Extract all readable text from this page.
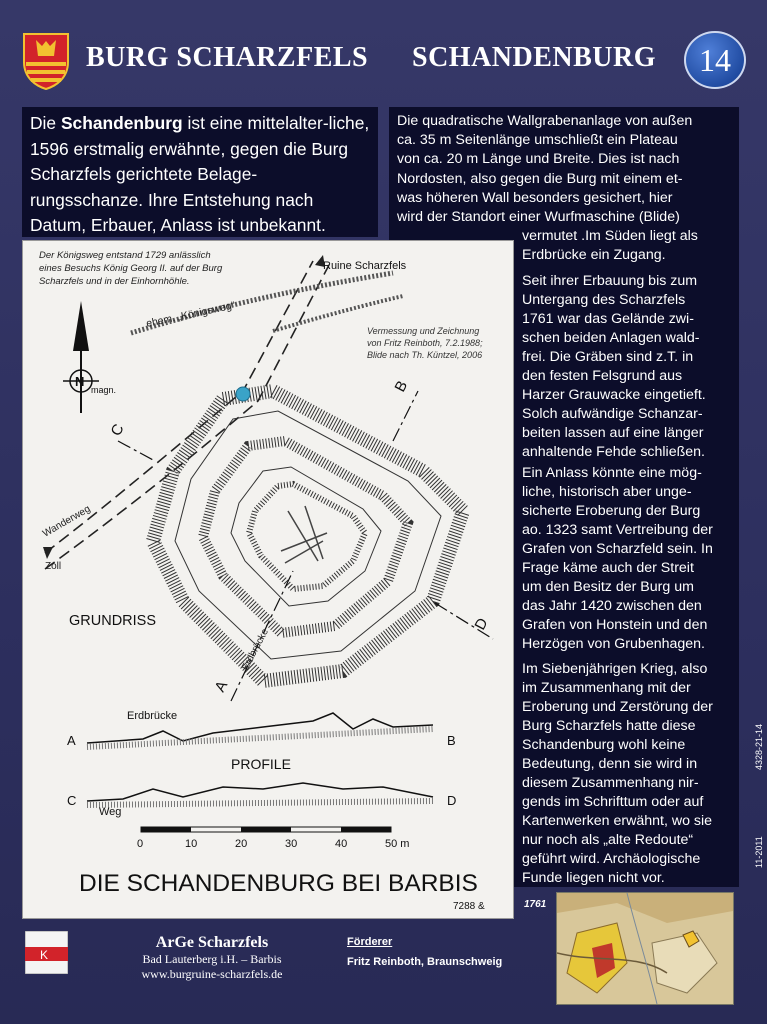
BURG SCHARZFELS SCHANDENBURG	14
Die Schandenburg ist eine mittelalter-liche, 1596 erstmalig erwähnte, gegen die Burg Scharzfels gerichtete Belage-rungsschanze. Ihre Entstehung nach Datum, Erbauer, Anlass ist unbekannt.
Die quadratische Wallgrabenanlage von außen
ca. 35 m Seitenlänge umschließt ein Plateau
von ca. 20 m Länge und Breite. Dies ist nach
Nordosten, also gegen die Burg mit einem et-
was höheren Wall besonders gesichert, hier
wird der Standort einer Wurfmaschine (Blide)
vermutet .Im Süden liegt als
Erdbrücke ein Zugang.
Seit ihrer Erbauung bis zum
Untergang des Scharzfels
1761 war das Gelände zwi-
schen beiden Anlagen wald-
frei. Die Gräben sind z.T. in
den festen Felsgrund aus
Harzer Grauwacke eingetieft.
Solch aufwändige Schanzar-
beiten lassen auf eine länger
anhaltende Fehde schließen.
Ein Anlass könnte eine mög-
liche, historisch aber unge-
sicherte Eroberung der Burg
ao. 1323 samt Vertreibung der
Grafen von Scharzfeld sein. In
Frage käme auch der Streit
um den Besitz der Burg um
das Jahr 1420 zwischen den
Grafen von Honstein und den
Herzögen von Grubenhagen.
Im Siebenjährigen Krieg, also
im Zusammenhang mit der
Eroberung und Zerstörung der
Burg Scharzfels hatte diese
Schandenburg wohl keine
Bedeutung, denn sie wird in
diesem Zusammenhang nir-
gends im Schrifttum oder auf
Kartenwerken erwähnt, wo sie
nur noch als „alte Redoute“
geführt wird. Archäologische
Funde liegen nicht vor.
Der Königsweg entstand 1729 anlässlich
eines Besuchs König Georg II. auf der Burg
Scharzfels und in der Einhornhöhle.
Vermessung und Zeichnung
von Fritz Reinboth, 7.2.1988;
Blide nach Th. Küntzel, 2006
Ruine Scharzfels
ehem. „Königsweg“
N
magn.
A
B
C
D
Erdbrücke
Wanderweg
Zoll
GRUNDRISS
Erdbrücke
A	B
PROFILE
C	D
Weg
0	10	20	30	40	50 m
DIE SCHANDENBURG BEI BARBIS
7288 &
4328-21-14
11-2011
1761
K
ArGe Scharzfels
Bad Lauterberg i.H. – Barbis
www.burgruine-scharzfels.de
Förderer
Fritz Reinboth, Braunschweig
